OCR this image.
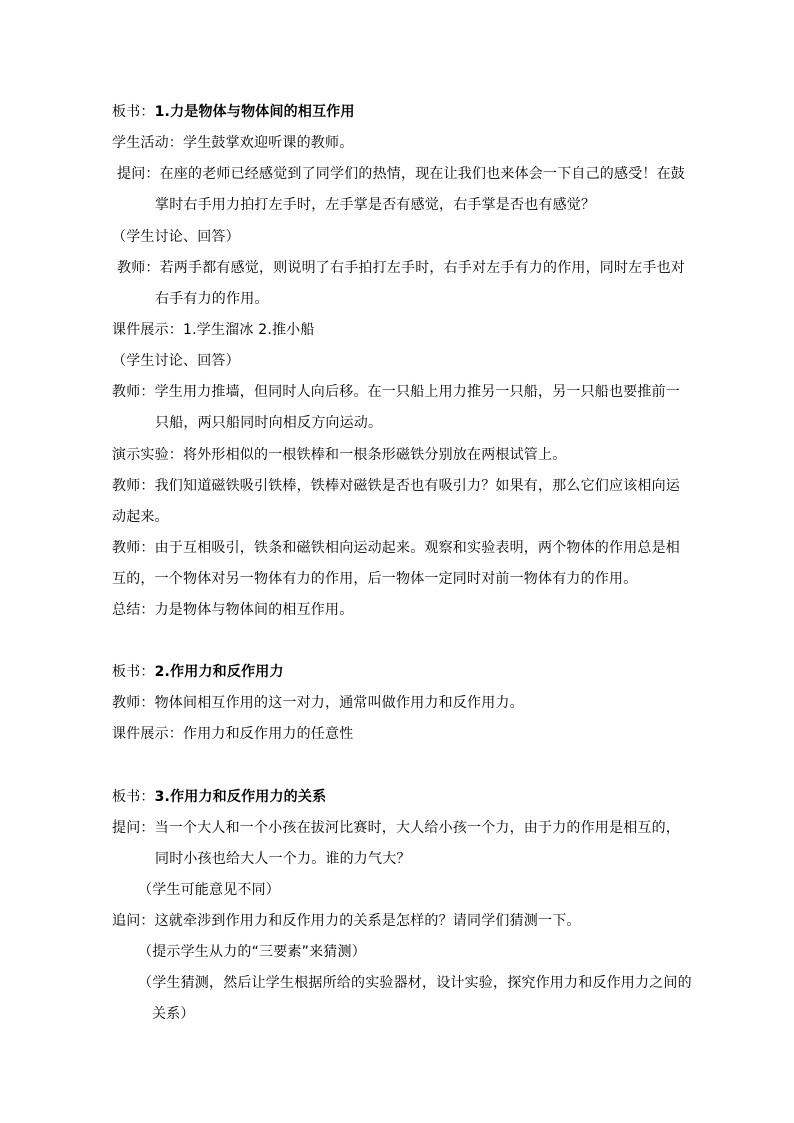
板书：1.力是物体与物体间的相互作用
学生活动：学生鼓掌欢迎听课的教师。
提问：在座的老师已经感觉到了同学们的热情，现在让我们也来体会一下自己的感受！在鼓
掌时右手用力拍打左手时，左手掌是否有感觉，右手掌是否也有感觉？
（学生讨论、回答）
教师：若两手都有感觉，则说明了右手拍打左手时，右手对左手有力的作用，同时左手也对
右手有力的作用。
课件展示：1.学生溜冰 2.推小船
（学生讨论、回答）
教师：学生用力推墙，但同时人向后移。在一只船上用力推另一只船，另一只船也要推前一
只船，两只船同时向相反方向运动。
演示实验：将外形相似的一根铁棒和一根条形磁铁分别放在两根试管上。
教师：我们知道磁铁吸引铁棒，铁棒对磁铁是否也有吸引力？如果有，那么它们应该相向运
动起来。
教师：由于互相吸引，铁条和磁铁相向运动起来。观察和实验表明，两个物体的作用总是相
互的，一个物体对另一物体有力的作用，后一物体一定同时对前一物体有力的作用。
总结：力是物体与物体间的相互作用。
板书：2.作用力和反作用力
教师：物体间相互作用的这一对力，通常叫做作用力和反作用力。
课件展示：作用力和反作用力的任意性
板书：3.作用力和反作用力的关系
提问：当一个大人和一个小孩在拔河比赛时，大人给小孩一个力，由于力的作用是相互的，
同时小孩也给大人一个力。谁的力气大？
（学生可能意见不同）
追问：这就牵涉到作用力和反作用力的关系是怎样的？请同学们猜测一下。
（提示学生从力的“三要素”来猜测）
（学生猜测，然后让学生根据所给的实验器材，设计实验，探究作用力和反作用力之间的
关系）
